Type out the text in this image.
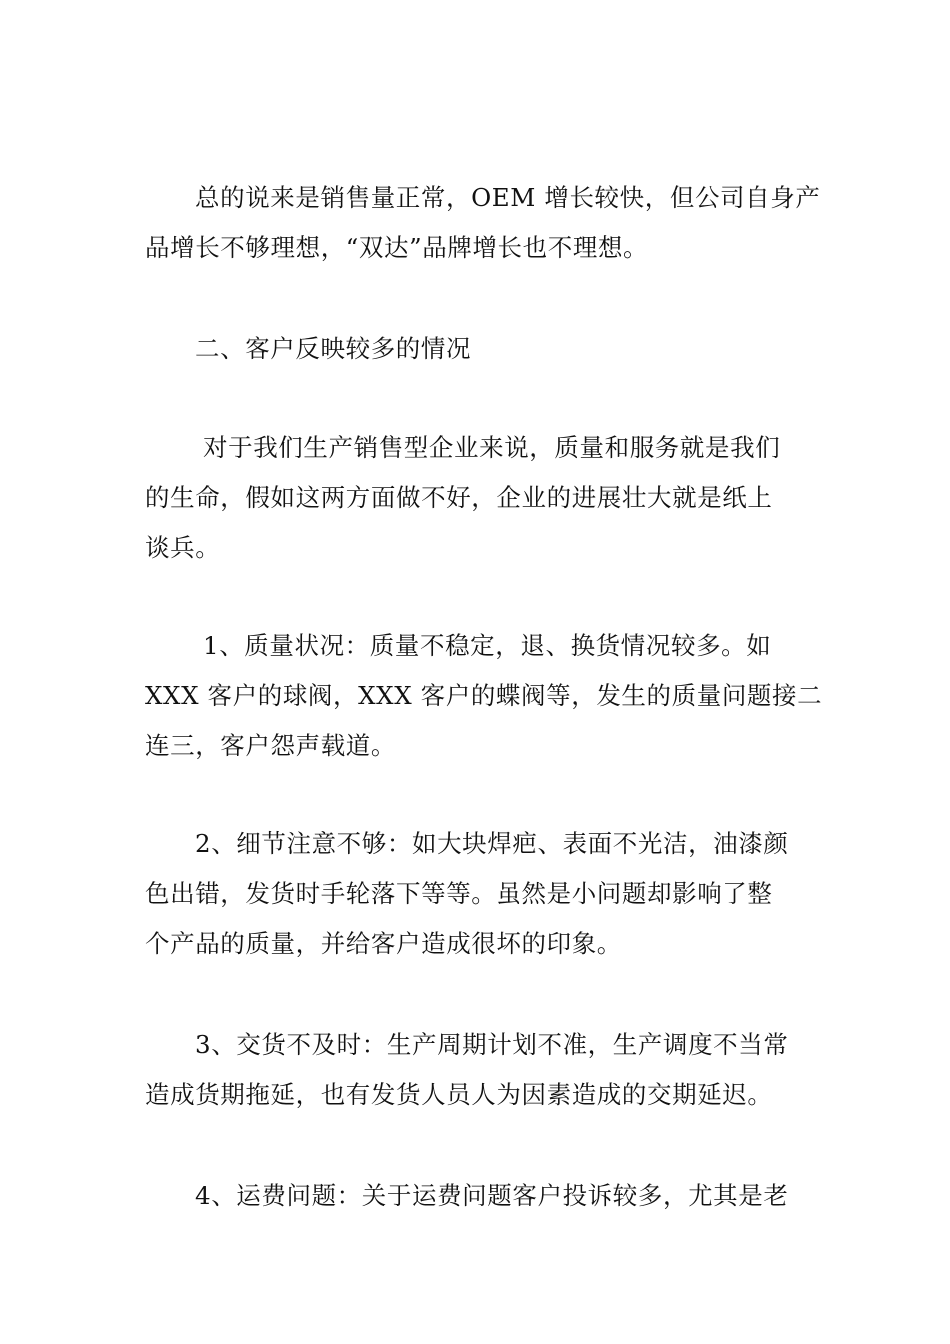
总的说来是销售量正常，OEM 增长较快，但公司自身产
品增长不够理想，“双达”品牌增长也不理想。
二、客户反映较多的情况
对于我们生产销售型企业来说，质量和服务就是我们
的生命，假如这两方面做不好，企业的进展壮大就是纸上
谈兵。
1、质量状况：质量不稳定，退、换货情况较多。如
XXX 客户的球阀，XXX 客户的蝶阀等，发生的质量问题接二
连三，客户怨声载道。
2、细节注意不够：如大块焊疤、表面不光洁，油漆颜
色出错，发货时手轮落下等等。虽然是小问题却影响了整
个产品的质量，并给客户造成很坏的印象。
3、交货不及时：生产周期计划不准，生产调度不当常
造成货期拖延，也有发货人员人为因素造成的交期延迟。
4、运费问题：关于运费问题客户投诉较多，尤其是老
